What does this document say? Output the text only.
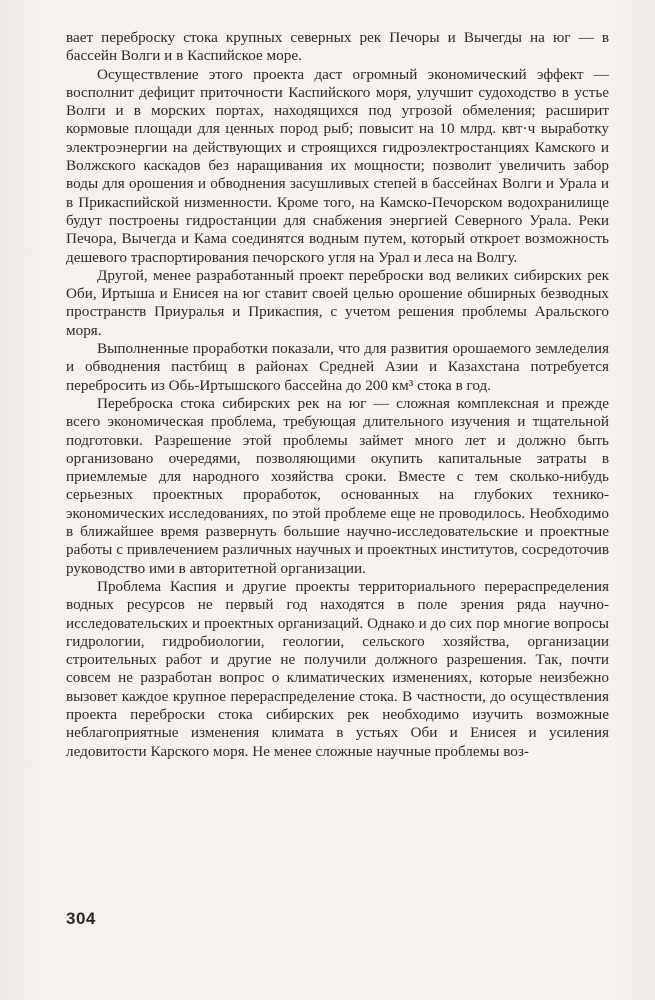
вает переброску стока крупных северных рек Печоры и Вычегды на юг — в бассейн Волги и в Каспийское море.

Осуществление этого проекта даст огромный экономический эффект — восполнит дефицит приточности Каспийского моря, улучшит судоходство в устье Волги и в морских портах, находящихся под угрозой обмеления; расширит кормовые площади для ценных пород рыб; повысит на 10 млрд. квт·ч выработку электроэнергии на действующих и строящихся гидроэлектростанциях Камского и Волжского каскадов без наращивания их мощности; позволит увеличить забор воды для орошения и обводнения засушливых степей в бассейнах Волги и Урала и в Прикаспийской низменности. Кроме того, на Камско-Печорском водохранилище будут построены гидростанции для снабжения энергией Северного Урала. Реки Печора, Вычегда и Кама соединятся водным путем, который откроет возможность дешевого траспортирования печорского угля на Урал и леса на Волгу.

Другой, менее разработанный проект переброски вод великих сибирских рек Оби, Иртыша и Енисея на юг ставит своей целью орошение обширных безводных пространств Приуралья и Прикаспия, с учетом решения проблемы Аральского моря.

Выполненные проработки показали, что для развития орошаемого земледелия и обводнения пастбищ в районах Средней Азии и Казахстана потребуется перебросить из Обь-Иртышского бассейна до 200 км³ стока в год.

Переброска стока сибирских рек на юг — сложная комплексная и прежде всего экономическая проблема, требующая длительного изучения и тщательной подготовки. Разрешение этой проблемы займет много лет и должно быть организовано очередями, позволяющими окупить капитальные затраты в приемлемые для народного хозяйства сроки. Вместе с тем сколько-нибудь серьезных проектных проработок, основанных на глубоких технико-экономических исследованиях, по этой проблеме еще не проводилось. Необходимо в ближайшее время развернуть большие научно-исследовательские и проектные работы с привлечением различных научных и проектных институтов, сосредоточив руководство ими в авторитетной организации.

Проблема Каспия и другие проекты территориального перераспределения водных ресурсов не первый год находятся в поле зрения ряда научно-исследовательских и проектных организаций. Однако и до сих пор многие вопросы гидрологии, гидробиологии, геологии, сельского хозяйства, организации строительных работ и другие не получили должного разрешения. Так, почти совсем не разработан вопрос о климатических изменениях, которые неизбежно вызовет каждое крупное перераспределение стока. В частности, до осуществления проекта переброски стока сибирских рек необходимо изучить возможные неблагоприятные изменения климата в устьях Оби и Енисея и усиления ледовитости Карского моря. Не менее сложные научные проблемы воз-

304
